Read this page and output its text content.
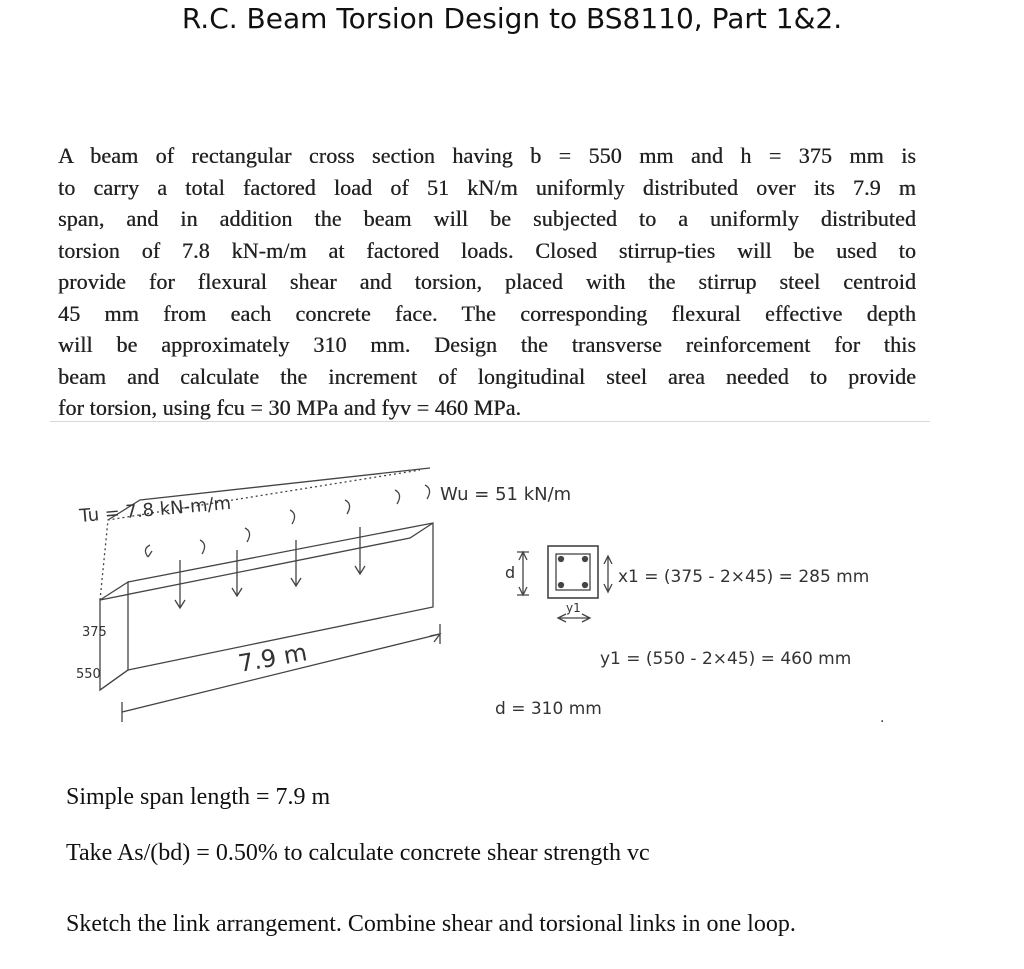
R.C. Beam Torsion Design to BS8110, Part 1&2.
A beam of rectangular cross section having b = 550 mm and h = 375 mm is
to carry a total factored load of 51 kN/m uniformly distributed over its 7.9 m
span, and in addition the beam will be subjected to a uniformly distributed
torsion of 7.8 kN-m/m at factored loads. Closed stirrup-ties will be used to
provide for flexural shear and torsion, placed with the stirrup steel centroid
45 mm from each concrete face. The corresponding flexural effective depth
will be approximately 310 mm. Design the transverse reinforcement for this
beam and calculate the increment of longitudinal steel area needed to provide
for torsion, using fcu = 30 MPa and fyv = 460 MPa.
Tu = 7.8 kN-m/m	Wu = 51 kN/m
375
550	7.9 m
d	x1 = (375 - 2×45) = 285 mm
y1
y1 = (550 - 2×45) = 460 mm
d = 310 mm	.
Simple span length = 7.9 m
Take As/(bd) = 0.50% to calculate concrete shear strength vc
Sketch the link arrangement. Combine shear and torsional links in one loop.
